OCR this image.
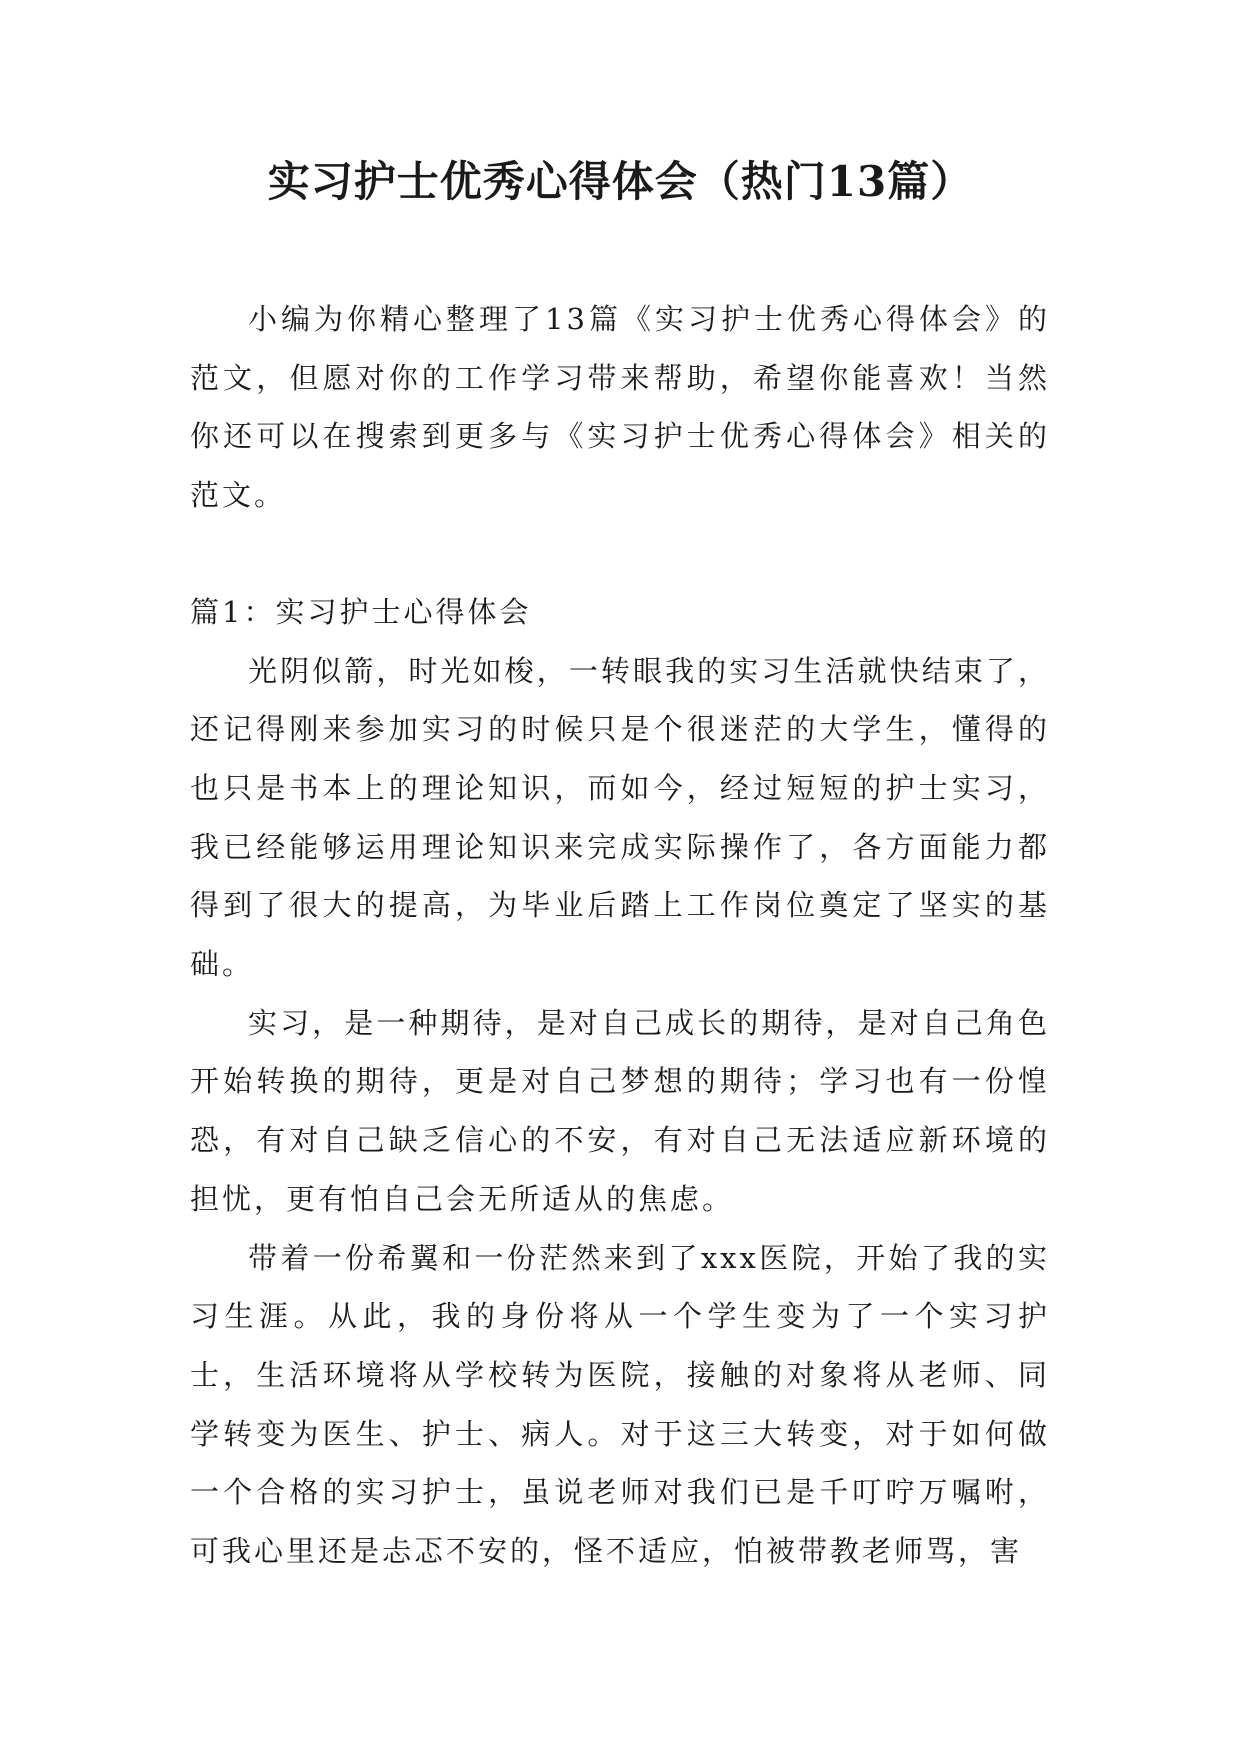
实习护士优秀心得体会（热门13篇）

小编为你精心整理了13篇《实习护士优秀心得体会》的范文，但愿对你的工作学习带来帮助，希望你能喜欢！当然你还可以在搜索到更多与《实习护士优秀心得体会》相关的范文。

篇1：实习护士心得体会

光阴似箭，时光如梭，一转眼我的实习生活就快结束了，还记得刚来参加实习的时候只是个很迷茫的大学生，懂得的也只是书本上的理论知识，而如今，经过短短的护士实习，我已经能够运用理论知识来完成实际操作了，各方面能力都得到了很大的提高，为毕业后踏上工作岗位奠定了坚实的基础。

实习，是一种期待，是对自己成长的期待，是对自己角色开始转换的期待，更是对自己梦想的期待；学习也有一份惶恐，有对自己缺乏信心的不安，有对自己无法适应新环境的担忧，更有怕自己会无所适从的焦虑。

带着一份希翼和一份茫然来到了xxx医院，开始了我的实习生涯。从此，我的身份将从一个学生变为了一个实习护士，生活环境将从学校转为医院，接触的对象将从老师、同学转变为医生、护士、病人。对于这三大转变，对于如何做一个合格的实习护士，虽说老师对我们已是千叮咛万嘱咐，可我心里还是忐忑不安的，怪不适应，怕被带教老师骂，害
